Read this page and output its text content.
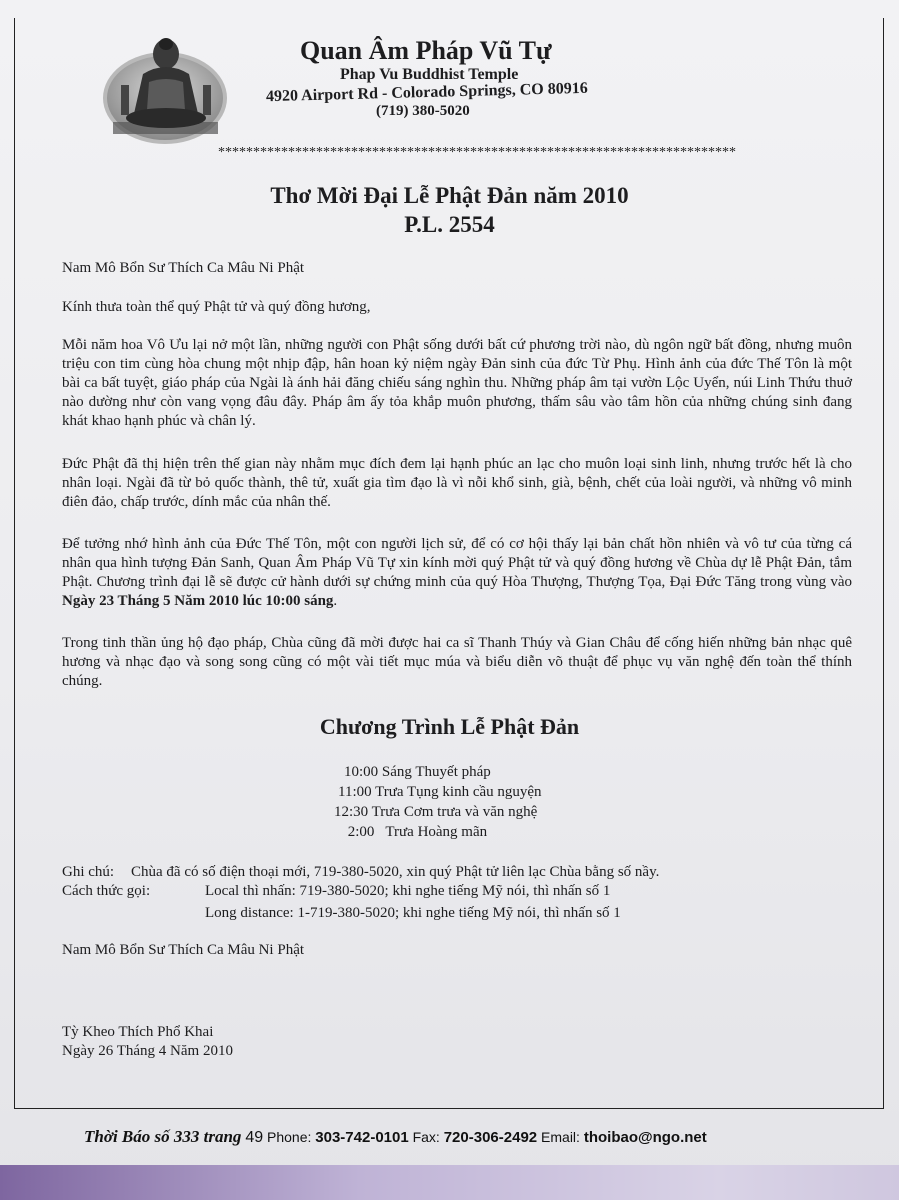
Quan Âm Pháp Vũ Tự
Phap Vu Buddhist Temple
4920 Airport Rd - Colorado Springs, CO 80916
(719) 380-5020
**************************************************************************
Thơ Mời Đại Lễ Phật Đản năm 2010
P.L. 2554
Nam Mô Bổn Sư Thích Ca Mâu Ni Phật
Kính thưa toàn thể quý Phật tử và quý đồng hương,
Mỗi năm hoa Vô Ưu lại nở một lần, những người con Phật sống dưới bất cứ phương trời nào, dù ngôn ngữ bất đồng, nhưng muôn triệu con tim cùng hòa chung một nhịp đập, hân hoan kỷ niệm ngày Đản sinh của đức Từ Phụ. Hình ảnh của đức Thế Tôn là một bài ca bất tuyệt, giáo pháp của Ngài là ánh hải đăng chiếu sáng nghìn thu. Những pháp âm tại vườn Lộc Uyển, núi Linh Thứu thuở nào dường như còn vang vọng đâu đây. Pháp âm ấy tỏa khắp muôn phương, thấm sâu vào tâm hồn của những chúng sinh đang khát khao hạnh phúc và chân lý.
Đức Phật đã thị hiện trên thế gian này nhằm mục đích đem lại hạnh phúc an lạc cho muôn loại sinh linh, nhưng trước hết là cho nhân loại. Ngài đã từ bỏ quốc thành, thê tử, xuất gia tìm đạo là vì nỗi khổ sinh, già, bệnh, chết của loài người, và những vô minh điên đảo, chấp trước, dính mắc của nhân thế.
Để tưởng nhớ hình ảnh của Đức Thế Tôn, một con người lịch sử, để có cơ hội thấy lại bản chất hồn nhiên và vô tư của từng cá nhân qua hình tượng Đản Sanh, Quan Âm Pháp Vũ Tự xin kính mời quý Phật tử và quý đồng hương về Chùa dự lễ Phật Đản, tắm Phật. Chương trình đại lễ sẽ được cử hành dưới sự chứng minh của quý Hòa Thượng, Thượng Tọa, Đại Đức Tăng trong vùng vào Ngày 23 Tháng 5 Năm 2010 lúc 10:00 sáng.
Trong tinh thần ủng hộ đạo pháp, Chùa cũng đã mời được hai ca sĩ Thanh Thúy và Gian Châu để cống hiến những bản nhạc quê hương và nhạc đạo và song song cũng có một vài tiết mục múa và biểu diễn võ thuật để phục vụ văn nghệ đến toàn thể thính chúng.
Chương Trình Lễ Phật Đản
10:00 Sáng Thuyết pháp
11:00 Trưa Tụng kinh cầu nguyện
12:30 Trưa Cơm trưa và văn nghệ
2:00   Trưa Hoàng mãn
Ghi chú: Chùa đã có số điện thoại mới, 719-380-5020, xin quý Phật tử liên lạc Chùa bằng số nầy.
Cách thức gọi:	Local thì nhấn: 719-380-5020; khi nghe tiếng Mỹ nói, thì nhấn số 1
Long distance: 1-719-380-5020; khi nghe tiếng Mỹ nói, thì nhấn số 1
Nam Mô Bổn Sư Thích Ca Mâu Ni Phật
Tỳ Kheo Thích Phổ Khai
Ngày 26 Tháng 4 Năm 2010
Thời Báo số 333 trang 49 Phone: 303-742-0101 Fax: 720-306-2492 Email: thoibao@ngo.net
